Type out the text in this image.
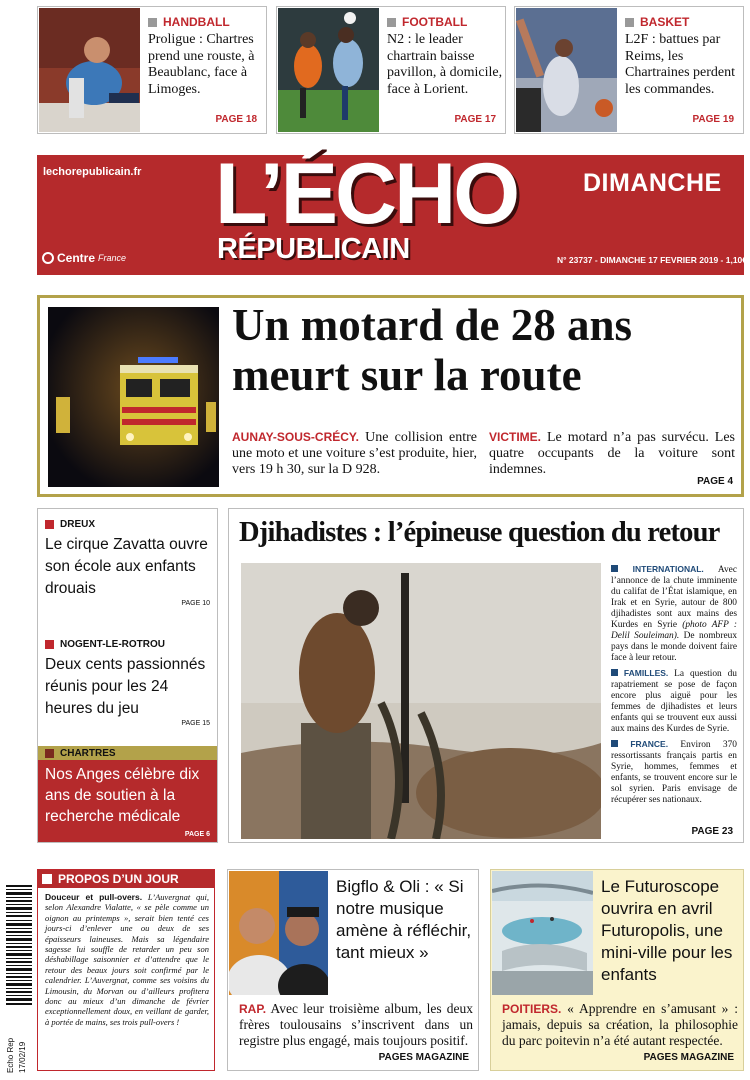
HANDBALL
Proligue : Chartres prend une rouste, à Beaublanc, face à Limoges.
PAGE 18
FOOTBALL
N2 : le leader chartrain baisse pavillon, à domicile, face à Lorient.
PAGE 17
BASKET
L2F : battues par Reims, les Chartraines perdent les commandes.
PAGE 19
lechorepublicain.fr L’ÉCHO
RÉPUBLICAIN
DIMANCHE
Centre France	N° 23737 - DIMANCHE 17 FEVRIER 2019 - 1,10€
Un motard de 28 ans meurt sur la route
AUNAY-SOUS-CRÉCY. Une collision entre une moto et une voiture s’est produite, hier, vers 19 h 30, sur la D 928.
VICTIME. Le motard n’a pas survécu. Les quatre occupants de la voiture sont indemnes.
PAGE 4
DREUX
Le cirque Zavatta ouvre son école aux enfants drouais
PAGE 10
NOGENT-LE-ROTROU
Deux cents passionnés réunis pour les 24 heures du jeu
PAGE 15
CHARTRES
Nos Anges célèbre dix ans de soutien à la recherche médicale
PAGE 6
Djihadistes : l’épineuse question du retour

INTERNATIONAL. Avec l’annonce de la chute imminente du califat de l’État islamique, en Irak et en Syrie, autour de 800 djihadistes sont aux mains des Kurdes en Syrie (photo AFP : Delil Souleiman). De nombreux pays dans le monde doivent faire face à leur retour.

FAMILLES. La question du rapatriement se pose de façon encore plus aiguë pour les femmes de djihadistes et leurs enfants qui se trouvent eux aussi aux mains des Kurdes de Syrie.

FRANCE. Environ 370 ressortissants français partis en Syrie, hommes, femmes et enfants, se trouvent encore sur le sol syrien. Paris envisage de récupérer ses nationaux.

PAGE 23
PROPOS D’UN JOUR
Douceur et pull-overs. L’Auvergnat qui, selon Alexandre Vialatte, « se pèle comme un oignon au printemps », serait bien tenté ces jours-ci d’enlever une ou deux de ses épaisseurs laineuses. Mais sa légendaire sagesse lui souffle de retarder un peu son déshabillage saisonnier et d’attendre que le retour des beaux jours soit confirmé par le calendrier. L’Auvergnat, comme ses voisins du Limousin, du Morvan ou d’ailleurs profitera donc au mieux d’un dimanche de février exceptionnellement doux, en veillant de garder, à portée de mains, ses trois pull-overs !
Echo Rep 17/02/19
Bigflo & Oli : « Si notre musique amène à réfléchir, tant mieux »
RAP. Avec leur troisième album, les deux frères toulousains s’inscrivent dans un registre plus engagé, mais toujours positif.
PAGES MAGAZINE
Le Futuroscope ouvrira en avril Futuropolis, une mini-ville pour les enfants
POITIERS. « Apprendre en s’amusant » : jamais, depuis sa création, la philosophie du parc poitevin n’a été autant respectée.
PAGES MAGAZINE
